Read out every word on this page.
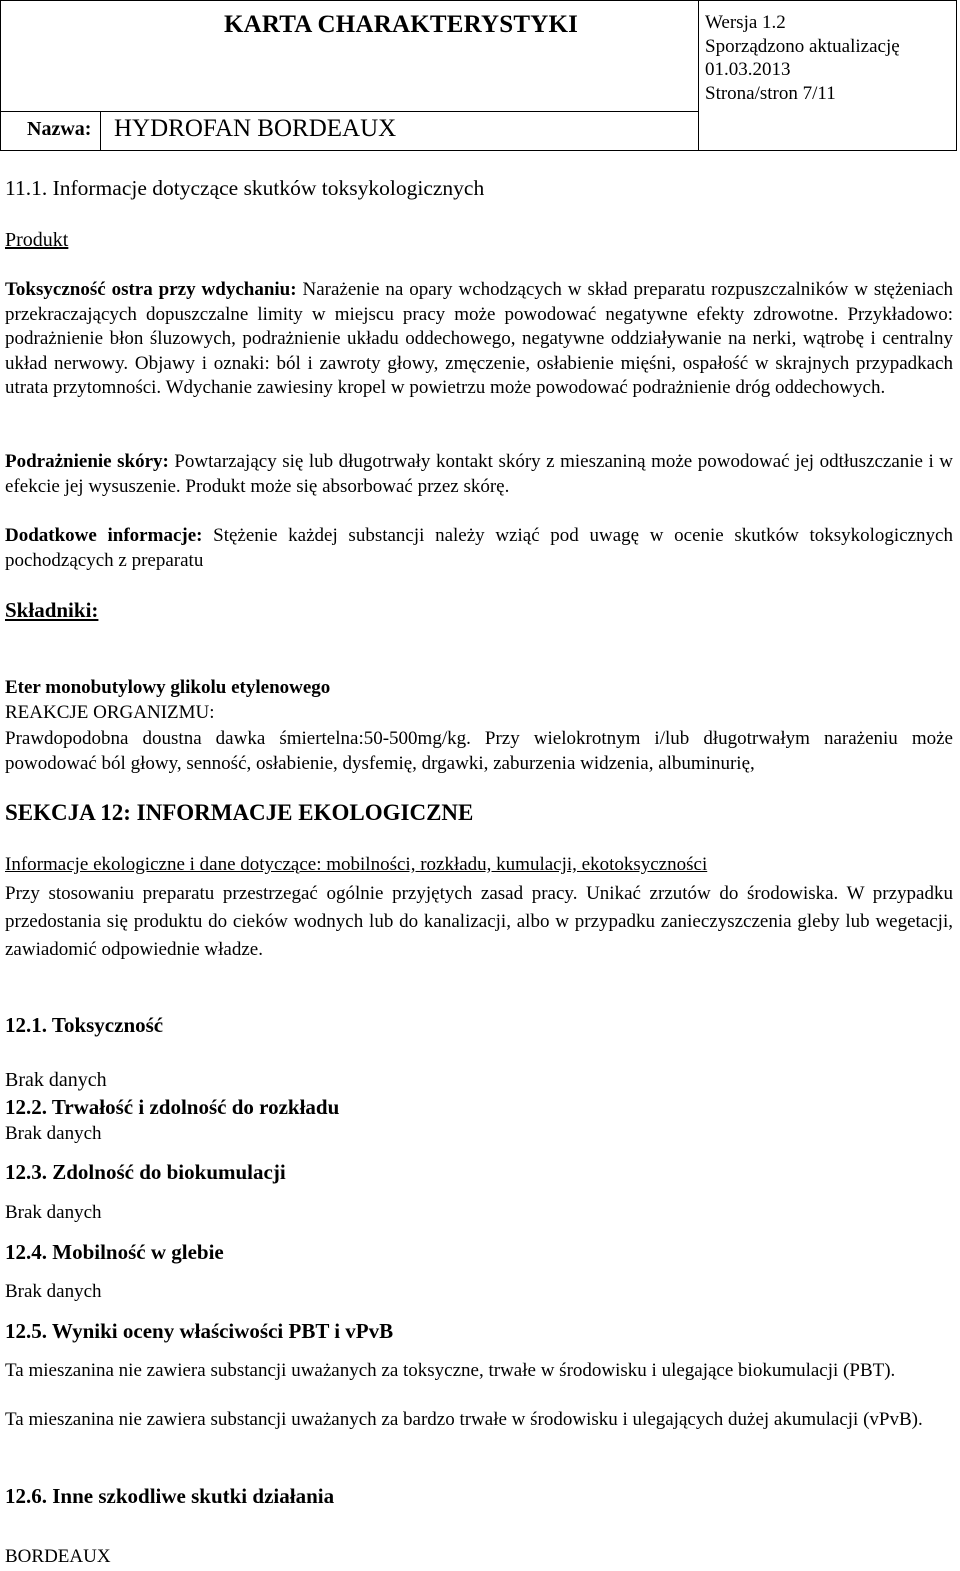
KARTA CHARAKTERYSTYKI	Wersja 1.2
Sporządzono aktualizację
01.03.2013
Strona/stron 7/11
Nazwa: HYDROFAN BORDEAUX
11.1. Informacje dotyczące skutków toksykologicznych
Produkt

Toksyczność ostra przy wdychaniu: Narażenie na opary wchodzących w skład preparatu rozpuszczalników w stężeniach przekraczających dopuszczalne limity w miejscu pracy może powodować negatywne efekty zdrowotne. Przykładowo: podrażnienie błon śluzowych, podrażnienie układu oddechowego, negatywne oddziaływanie na nerki, wątrobę i centralny układ nerwowy. Objawy i oznaki: ból i zawroty głowy, zmęczenie, osłabienie mięśni, ospałość w skrajnych przypadkach utrata przytomności. Wdychanie zawiesiny kropel w powietrzu może powodować podrażnienie dróg oddechowych.

Podrażnienie skóry: Powtarzający się lub długotrwały kontakt skóry z mieszaniną może powodować jej odtłuszczanie i w efekcie jej wysuszenie. Produkt może się absorbować przez skórę.

Dodatkowe informacje: Stężenie każdej substancji należy wziąć pod uwagę w ocenie skutków toksykologicznych pochodzących z preparatu

Składniki:
Eter monobutylowy glikolu etylenowego
REAKCJE ORGANIZMU:

Prawdopodobna doustna dawka śmiertelna:50-500mg/kg. Przy wielokrotnym i/lub długotrwałym narażeniu może powodować ból głowy, senność, osłabienie, dysfemię, drgawki, zaburzenia widzenia, albuminurię,

SEKCJA 12: INFORMACJE EKOLOGICZNE
Informacje ekologiczne i dane dotyczące: mobilności, rozkładu, kumulacji, ekotoksyczności

Przy stosowaniu preparatu przestrzegać ogólnie przyjętych zasad pracy. Unikać zrzutów do środowiska. W przypadku przedostania się produktu do cieków wodnych lub do kanalizacji, albo w przypadku zanieczyszczenia gleby lub wegetacji, zawiadomić odpowiednie władze.

12.1. Toksyczność
Brak danych
12.2. Trwałość i zdolność do rozkładu
Brak danych
12.3. Zdolność do biokumulacji
Brak danych
12.4. Mobilność w glebie
Brak danych
12.5. Wyniki oceny właściwości PBT i vPvB

Ta mieszanina nie zawiera substancji uważanych za toksyczne, trwałe w środowisku i ulegające biokumulacji (PBT).

Ta mieszanina nie zawiera substancji uważanych za bardzo trwałe w środowisku i ulegających dużej akumulacji (vPvB).

12.6. Inne szkodliwe skutki działania
BORDEAUX
